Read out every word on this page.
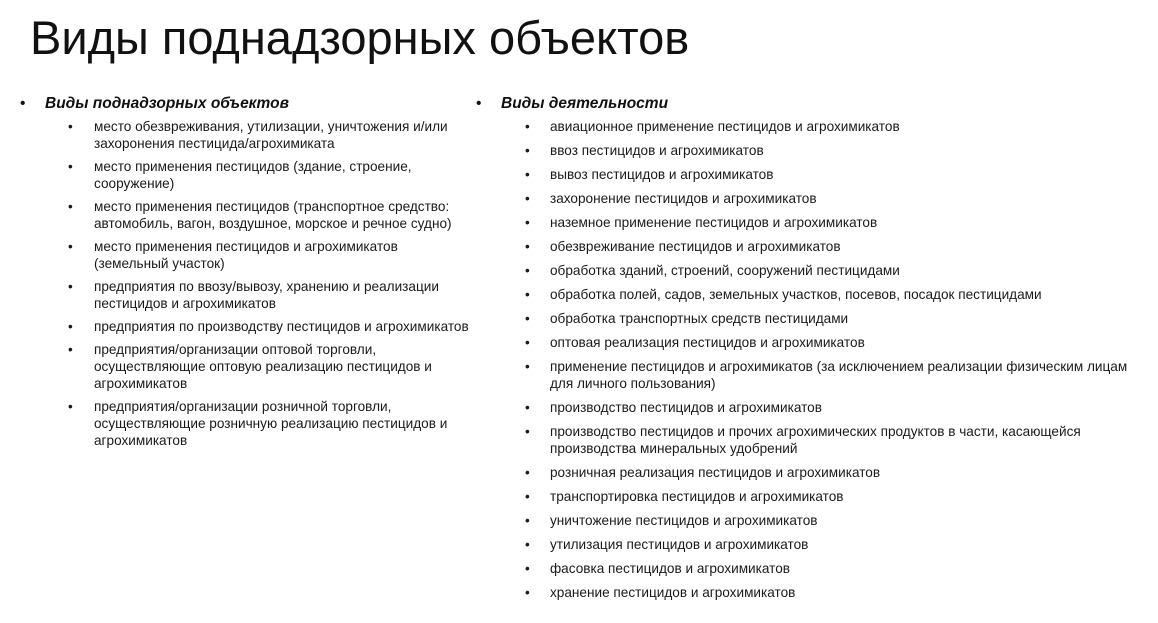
Виды поднадзорных объектов
• Виды поднадзорных объектов
• место обезвреживания, утилизации, уничтожения и/или захоронения пестицида/агрохимиката
• место применения пестицидов (здание, строение, сооружение)
• место применения пестицидов (транспортное средство: автомобиль, вагон, воздушное, морское и речное судно)
• место применения пестицидов и агрохимикатов (земельный участок)
• предприятия по ввозу/вывозу, хранению и реализации пестицидов и агрохимикатов
• предприятия по производству пестицидов и агрохимикатов
• предприятия/организации оптовой торговли, осуществляющие оптовую реализацию пестицидов и агрохимикатов
• предприятия/организации розничной торговли, осуществляющие розничную реализацию пестицидов и агрохимикатов
• Виды деятельности
• авиационное применение пестицидов и агрохимикатов
• ввоз пестицидов и агрохимикатов
• вывоз пестицидов и агрохимикатов
• захоронение пестицидов и агрохимикатов
• наземное применение пестицидов и агрохимикатов
• обезвреживание пестицидов и агрохимикатов
• обработка зданий, строений, сооружений пестицидами
• обработка полей, садов, земельных участков, посевов, посадок пестицидами
• обработка транспортных средств пестицидами
• оптовая реализация пестицидов и агрохимикатов
• применение пестицидов и агрохимикатов (за исключением реализации физическим лицам для личного пользования)
• производство пестицидов и агрохимикатов
• производство пестицидов и прочих агрохимических продуктов в части, касающейся производства минеральных удобрений
• розничная реализация пестицидов и агрохимикатов
• транспортировка пестицидов и агрохимикатов
• уничтожение пестицидов и агрохимикатов
• утилизация пестицидов и агрохимикатов
• фасовка пестицидов и агрохимикатов
• хранение пестицидов и агрохимикатов
